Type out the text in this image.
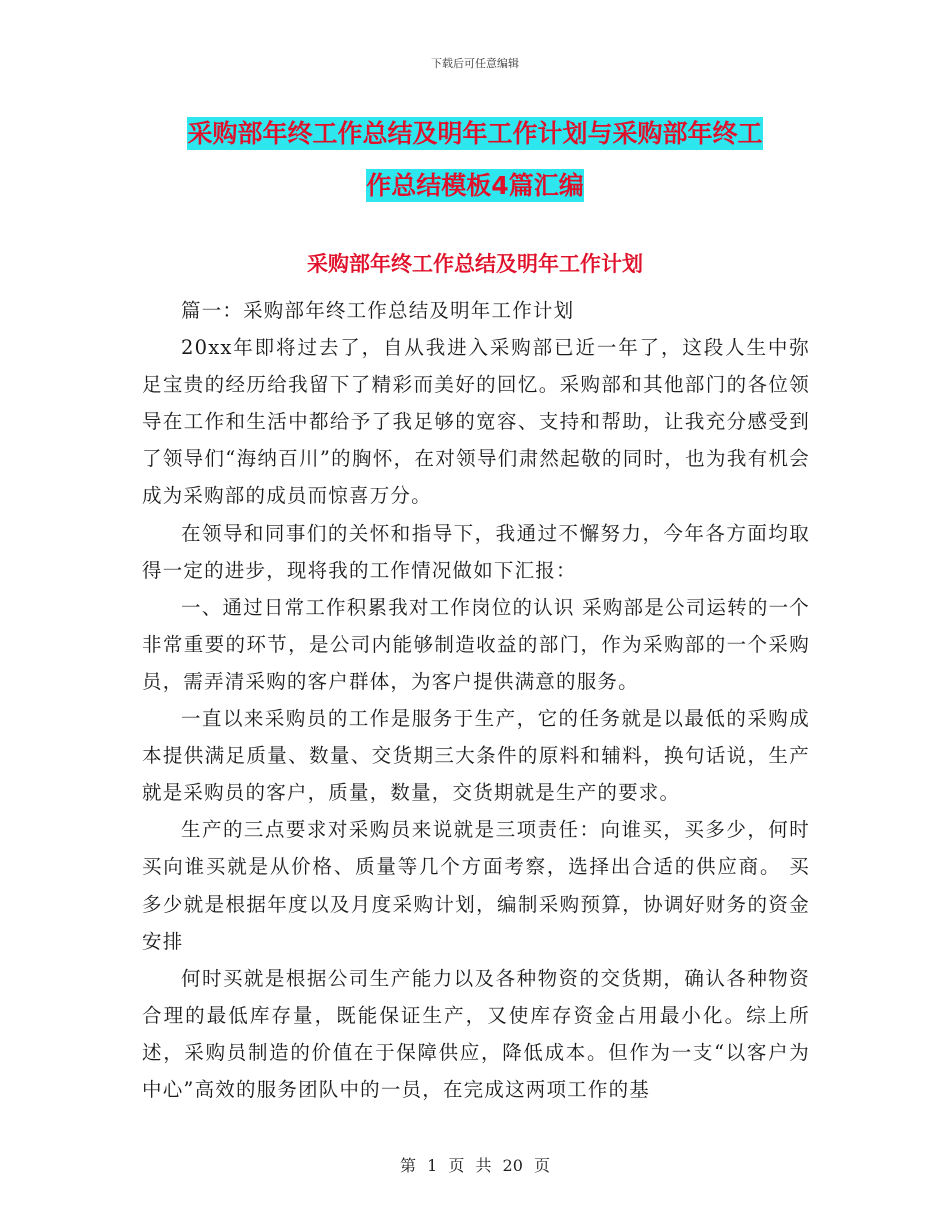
下载后可任意编辑
采购部年终工作总结及明年工作计划与采购部年终工
作总结模板4篇汇编
采购部年终工作总结及明年工作计划

篇一：采购部年终工作总结及明年工作计划

20xx年即将过去了，自从我进入采购部已近一年了，这段人生中弥足宝贵的经历给我留下了精彩而美好的回忆。采购部和其他部门的各位领导在工作和生活中都给予了我足够的宽容、支持和帮助，让我充分感受到了领导们“海纳百川”的胸怀，在对领导们肃然起敬的同时，也为我有机会成为采购部的成员而惊喜万分。

在领导和同事们的关怀和指导下，我通过不懈努力，今年各方面均取得一定的进步，现将我的工作情况做如下汇报：

一、通过日常工作积累我对工作岗位的认识 采购部是公司运转的一个非常重要的环节，是公司内能够制造收益的部门，作为采购部的一个采购员，需弄清采购的客户群体，为客户提供满意的服务。

一直以来采购员的工作是服务于生产，它的任务就是以最低的采购成本提供满足质量、数量、交货期三大条件的原料和辅料，换句话说，生产就是采购员的客户，质量，数量，交货期就是生产的要求。

生产的三点要求对采购员来说就是三项责任：向谁买，买多少，何时买向谁买就是从价格、质量等几个方面考察，选择出合适的供应商。 买多少就是根据年度以及月度采购计划，编制采购预算，协调好财务的资金安排

何时买就是根据公司生产能力以及各种物资的交货期，确认各种物资合理的最低库存量，既能保证生产，又使库存资金占用最小化。综上所述，采购员制造的价值在于保障供应，降低成本。但作为一支“以客户为中心”高效的服务团队中的一员，在完成这两项工作的基

第 1 页 共 20 页
